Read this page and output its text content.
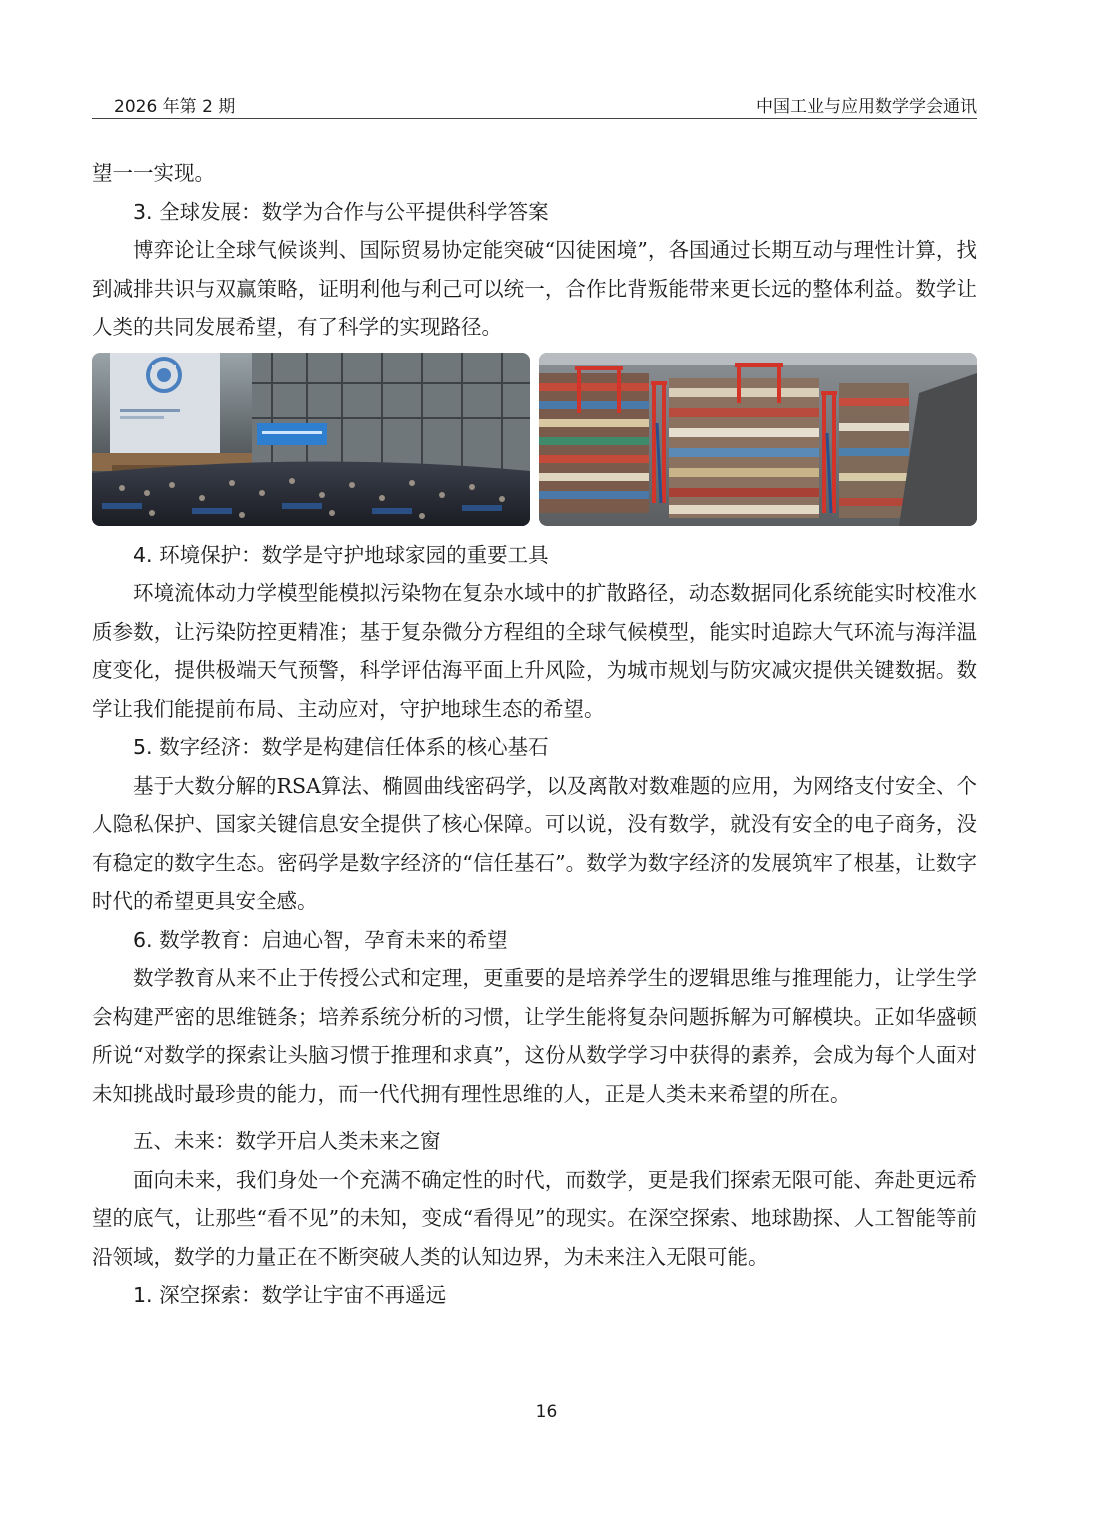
2026 年第 2 期	中国工业与应用数学学会通讯

望一一实现。

3. 全球发展：数学为合作与公平提供科学答案

博弈论让全球气候谈判、国际贸易协定能突破“囚徒困境”，各国通过长期互动与理性计算，找到减排共识与双赢策略，证明利他与利己可以统一，合作比背叛能带来更长远的整体利益。数学让人类的共同发展希望，有了科学的实现路径。

4. 环境保护：数学是守护地球家园的重要工具

环境流体动力学模型能模拟污染物在复杂水域中的扩散路径，动态数据同化系统能实时校准水质参数，让污染防控更精准；基于复杂微分方程组的全球气候模型，能实时追踪大气环流与海洋温度变化，提供极端天气预警，科学评估海平面上升风险，为城市规划与防灾减灾提供关键数据。数学让我们能提前布局、主动应对，守护地球生态的希望。

5. 数字经济：数学是构建信任体系的核心基石

基于大数分解的RSA算法、椭圆曲线密码学，以及离散对数难题的应用，为网络支付安全、个人隐私保护、国家关键信息安全提供了核心保障。可以说，没有数学，就没有安全的电子商务，没有稳定的数字生态。密码学是数字经济的“信任基石”。数学为数字经济的发展筑牢了根基，让数字时代的希望更具安全感。

6. 数学教育：启迪心智，孕育未来的希望

数学教育从来不止于传授公式和定理，更重要的是培养学生的逻辑思维与推理能力，让学生学会构建严密的思维链条；培养系统分析的习惯，让学生能将复杂问题拆解为可解模块。正如华盛顿所说“对数学的探索让头脑习惯于推理和求真”，这份从数学学习中获得的素养，会成为每个人面对未知挑战时最珍贵的能力，而一代代拥有理性思维的人，正是人类未来希望的所在。

五、未来：数学开启人类未来之窗

面向未来，我们身处一个充满不确定性的时代，而数学，更是我们探索无限可能、奔赴更远希望的底气，让那些“看不见”的未知，变成“看得见”的现实。在深空探索、地球勘探、人工智能等前沿领域，数学的力量正在不断突破人类的认知边界，为未来注入无限可能。

1. 深空探索：数学让宇宙不再遥远

16
